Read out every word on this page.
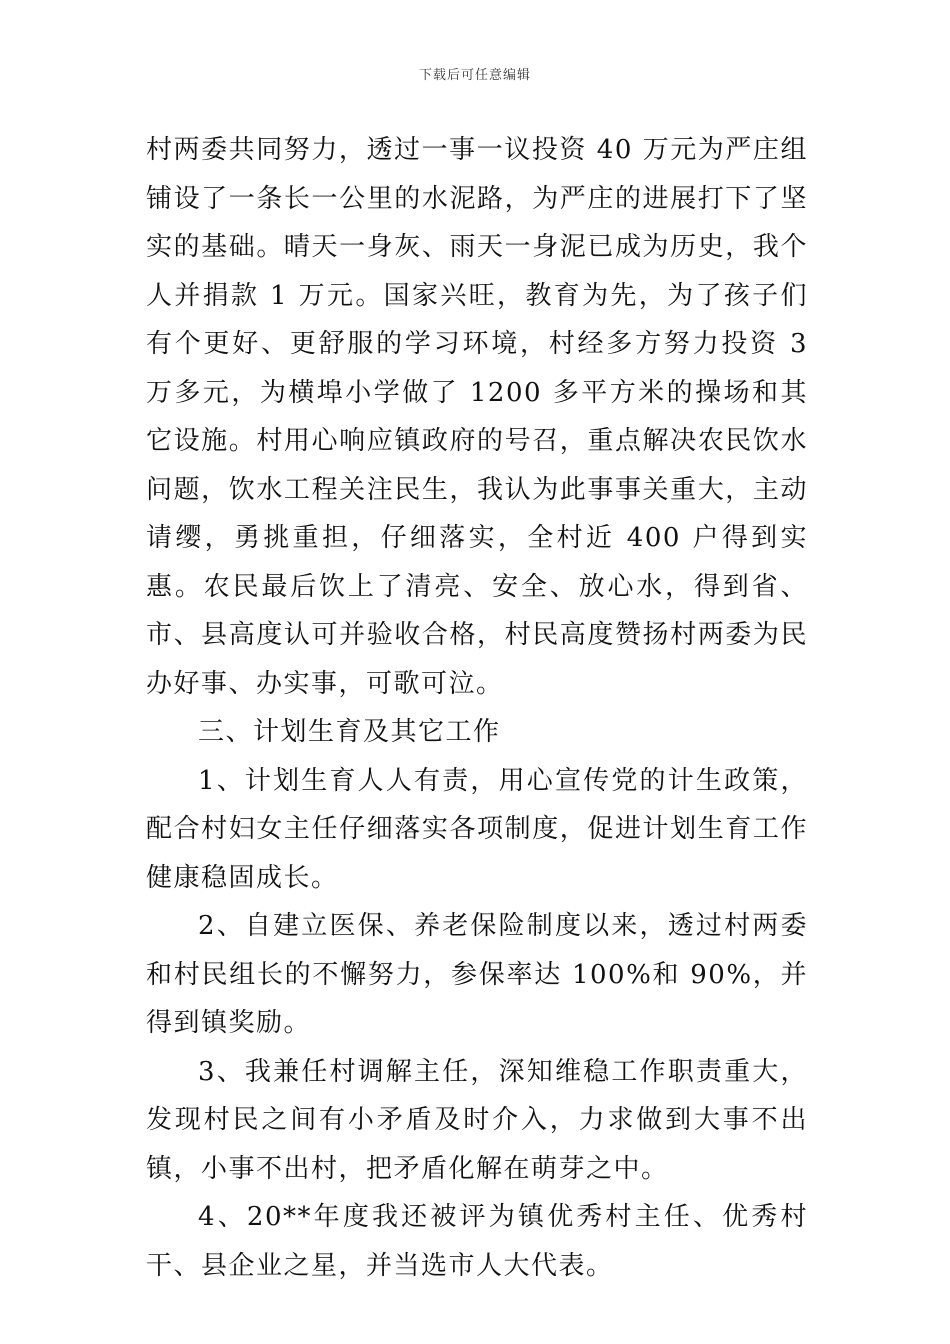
下载后可任意编辑

村两委共同努力，透过一事一议投资 40 万元为严庄组铺设了一条长一公里的水泥路，为严庄的进展打下了坚实的基础。晴天一身灰、雨天一身泥已成为历史，我个人并捐款 1 万元。国家兴旺，教育为先，为了孩子们有个更好、更舒服的学习环境，村经多方努力投资 3 万多元，为横埠小学做了 1200 多平方米的操场和其它设施。村用心响应镇政府的号召，重点解决农民饮水问题，饮水工程关注民生，我认为此事事关重大，主动请缨，勇挑重担，仔细落实，全村近 400 户得到实惠。农民最后饮上了清亮、安全、放心水，得到省、市、县高度认可并验收合格，村民高度赞扬村两委为民办好事、办实事，可歌可泣。

三、计划生育及其它工作

1、计划生育人人有责，用心宣传党的计生政策，配合村妇女主任仔细落实各项制度，促进计划生育工作健康稳固成长。

2、自建立医保、养老保险制度以来，透过村两委和村民组长的不懈努力，参保率达 100%和 90%，并得到镇奖励。

3、我兼任村调解主任，深知维稳工作职责重大，发现村民之间有小矛盾及时介入，力求做到大事不出镇，小事不出村，把矛盾化解在萌芽之中。

4、20**年度我还被评为镇优秀村主任、优秀村干、县企业之星，并当选市人大代表。
